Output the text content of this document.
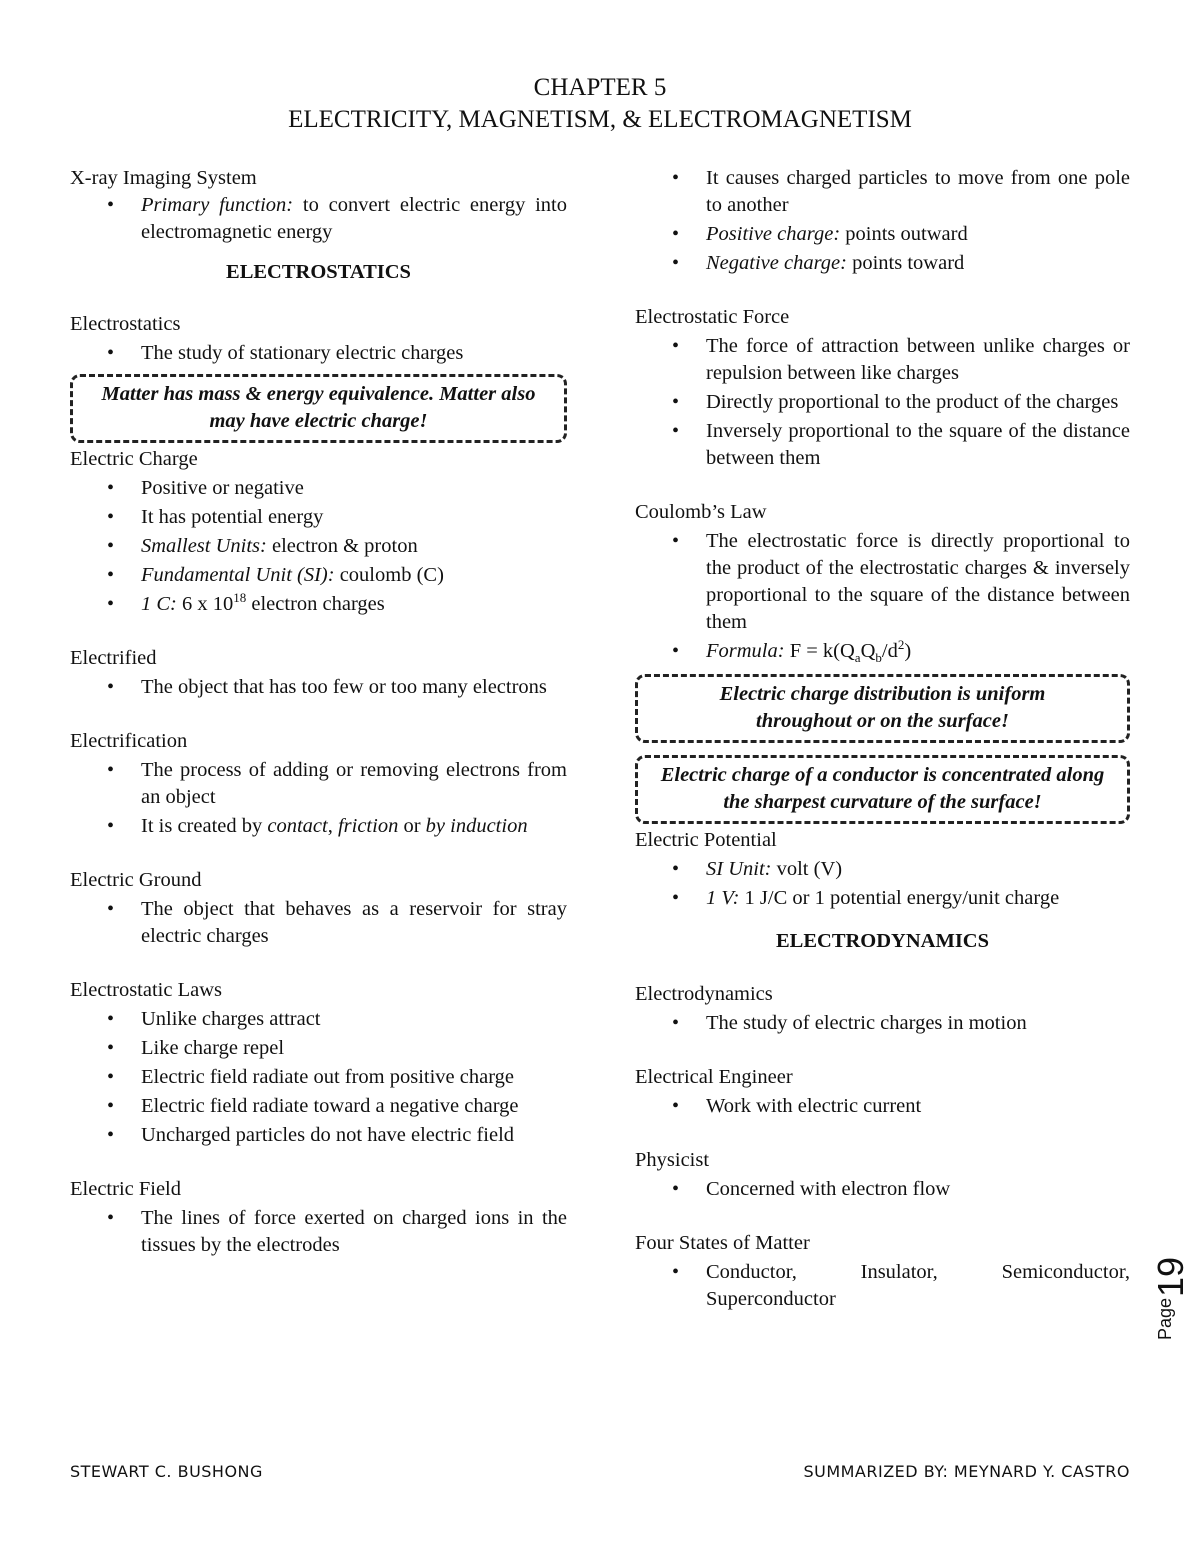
CHAPTER 5
ELECTRICITY, MAGNETISM, & ELECTROMAGNETISM
X-ray Imaging System
• Primary function: to convert electric energy into electromagnetic energy
ELECTROSTATICS
Electrostatics
• The study of stationary electric charges
Matter has mass & energy equivalence. Matter also may have electric charge!
Electric Charge
• Positive or negative
• It has potential energy
• Smallest Units: electron & proton
• Fundamental Unit (SI): coulomb (C)
• 1 C: 6 x $10^{18}$ electron charges
Electrified
• The object that has too few or too many electrons
Electrification
• The process of adding or removing electrons from an object
• It is created by contact, friction or by induction
Electric Ground
• The object that behaves as a reservoir for stray electric charges
Electrostatic Laws
• Unlike charges attract
• Like charge repel
• Electric field radiate out from positive charge
• Electric field radiate toward a negative charge
• Uncharged particles do not have electric field
Electric Field
• The lines of force exerted on charged ions in the tissues by the electrodes
• It causes charged particles to move from one pole to another
• Positive charge: points outward
• Negative charge: points toward
Electrostatic Force
• The force of attraction between unlike charges or repulsion between like charges
• Directly proportional to the product of the charges
• Inversely proportional to the square of the distance between them
Coulomb’s Law
• The electrostatic force is directly proportional to the product of the electrostatic charges & inversely proportional to the square of the distance between them
• Formula: $F = k(Q_aQ_b/d^2)$
Electric charge distribution is uniform throughout or on the surface!
Electric charge of a conductor is concentrated along the sharpest curvature of the surface!
Electric Potential
• SI Unit: volt (V)
• 1 V: 1 J/C or 1 potential energy/unit charge
ELECTRODYNAMICS
Electrodynamics
• The study of electric charges in motion
Electrical Engineer
• Work with electric current
Physicist
• Concerned with electron flow
Four States of Matter
• Conductor, Insulator, Semiconductor, Superconductor	Page
19
STEWART C. BUSHONG	SUMMARIZED BY: MEYNARD Y. CASTRO
